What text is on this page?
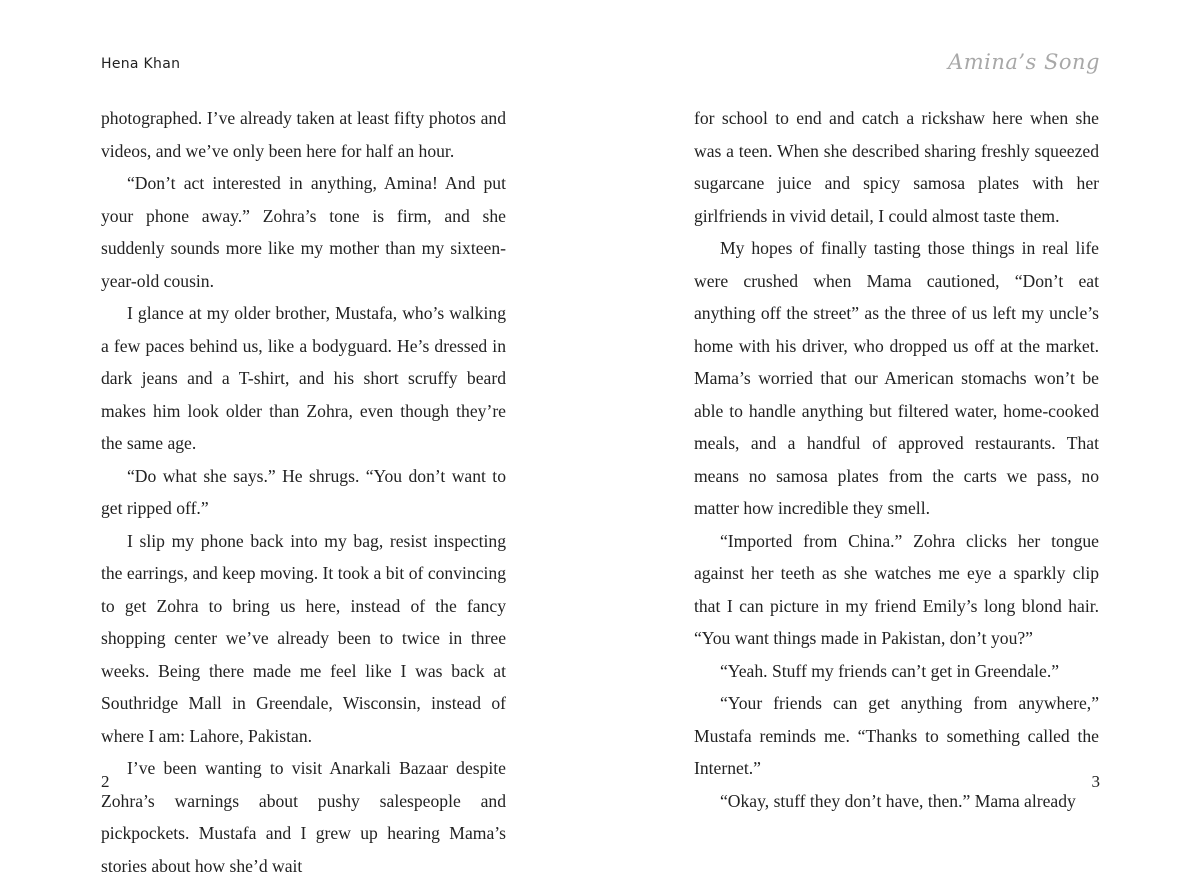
Hena Khan

photographed. I’ve already taken at least fifty photos and videos, and we’ve only been here for half an hour.

“Don’t act interested in anything, Amina! And put your phone away.” Zohra’s tone is firm, and she suddenly sounds more like my mother than my sixteen-year-old cousin.

I glance at my older brother, Mustafa, who’s walking a few paces behind us, like a bodyguard. He’s dressed in dark jeans and a T-shirt, and his short scruffy beard makes him look older than Zohra, even though they’re the same age.

“Do what she says.” He shrugs. “You don’t want to get ripped off.”

I slip my phone back into my bag, resist inspecting the earrings, and keep moving. It took a bit of convincing to get Zohra to bring us here, instead of the fancy shopping center we’ve already been to twice in three weeks. Being there made me feel like I was back at Southridge Mall in Greendale, Wisconsin, instead of where I am: Lahore, Pakistan.

I’ve been wanting to visit Anarkali Bazaar despite Zohra’s warnings about pushy salespeople and pickpockets. Mustafa and I grew up hearing Mama’s stories about how she’d wait

2
Amina’s Song

for school to end and catch a rickshaw here when she was a teen. When she described sharing freshly squeezed sugarcane juice and spicy samosa plates with her girlfriends in vivid detail, I could almost taste them.

My hopes of finally tasting those things in real life were crushed when Mama cautioned, “Don’t eat anything off the street” as the three of us left my uncle’s home with his driver, who dropped us off at the market. Mama’s worried that our American stomachs won’t be able to handle anything but filtered water, home-cooked meals, and a handful of approved restaurants. That means no samosa plates from the carts we pass, no matter how incredible they smell.

“Imported from China.” Zohra clicks her tongue against her teeth as she watches me eye a sparkly clip that I can picture in my friend Emily’s long blond hair. “You want things made in Pakistan, don’t you?”

“Yeah. Stuff my friends can’t get in Greendale.”

“Your friends can get anything from anywhere,” Mustafa reminds me. “Thanks to something called the Internet.”

“Okay, stuff they don’t have, then.” Mama already

3
